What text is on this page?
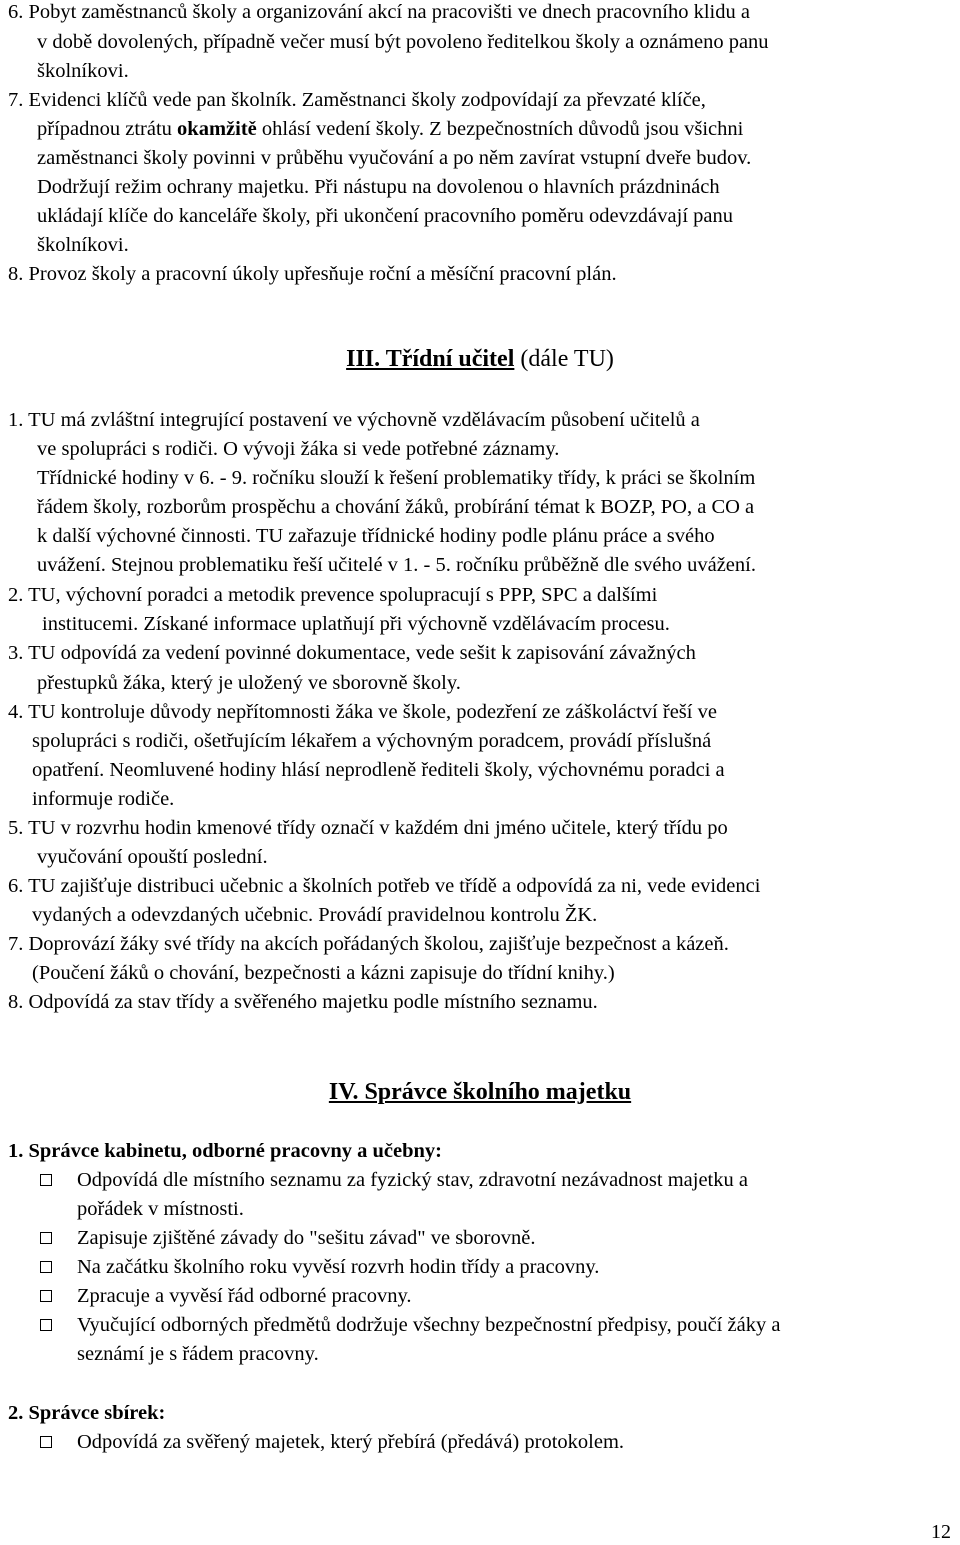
6. Pobyt zaměstnanců školy a organizování akcí na pracovišti ve dnech pracovního klidu a
v době dovolených, případně večer musí být povoleno ředitelkou školy a oznámeno panu
školníkovi.
7. Evidenci klíčů vede pan školník. Zaměstnanci školy zodpovídají za převzaté klíče,
případnou ztrátu okamžitě ohlásí vedení školy. Z bezpečnostních důvodů jsou všichni
zaměstnanci školy povinni v průběhu vyučování a po něm zavírat vstupní dveře budov.
Dodržují režim ochrany majetku. Při nástupu na dovolenou o hlavních prázdninách
ukládají klíče do kanceláře školy, při ukončení pracovního poměru odevzdávají panu
školníkovi.
8. Provoz školy a pracovní úkoly upřesňuje roční a měsíční pracovní plán.
III. Třídní učitel (dále TU)
1. TU má zvláštní integrující postavení ve výchovně vzdělávacím působení učitelů a
ve spolupráci s rodiči. O vývoji žáka si vede potřebné záznamy.
Třídnické hodiny v 6. - 9. ročníku slouží k řešení problematiky třídy, k práci se školním
řádem školy, rozborům prospěchu a chování žáků, probírání témat k BOZP, PO, a CO a
k další výchovné činnosti. TU zařazuje třídnické hodiny podle plánu práce a svého
uvážení. Stejnou problematiku řeší učitelé v 1. - 5. ročníku průběžně dle svého uvážení.
2. TU, výchovní poradci a metodik prevence spolupracují s PPP, SPC a dalšími
institucemi. Získané informace uplatňují při výchovně vzdělávacím procesu.
3. TU odpovídá za vedení povinné dokumentace, vede sešit k zapisování závažných
přestupků žáka, který je uložený ve sborovně školy.
4. TU kontroluje důvody nepřítomnosti žáka ve škole, podezření ze záškoláctví řeší ve
spolupráci s rodiči, ošetřujícím lékařem a výchovným poradcem, provádí příslušná
opatření. Neomluvené hodiny hlásí neprodleně řediteli školy, výchovnému poradci a
informuje rodiče.
5. TU v rozvrhu hodin kmenové třídy označí v každém dni jméno učitele, který třídu po
vyučování opouští poslední.
6. TU zajišťuje distribuci učebnic a školních potřeb ve třídě a odpovídá za ni, vede evidenci
vydaných a odevzdaných učebnic. Provádí pravidelnou kontrolu ŽK.
7. Doprovází žáky své třídy na akcích pořádaných školou, zajišťuje bezpečnost a kázeň.
(Poučení žáků o chování, bezpečnosti a kázni zapisuje do třídní knihy.)
8. Odpovídá za stav třídy a svěřeného majetku podle místního seznamu.
IV. Správce školního majetku
1. Správce kabinetu, odborné pracovny a učebny:
Odpovídá dle místního seznamu za fyzický stav, zdravotní nezávadnost majetku a
pořádek v místnosti.
Zapisuje zjištěné závady do "sešitu závad" ve sborovně.
Na začátku školního roku vyvěsí rozvrh hodin třídy a pracovny.
Zpracuje a vyvěsí řád odborné pracovny.
Vyučující odborných předmětů dodržuje všechny bezpečnostní předpisy, poučí žáky a
seznámí je s řádem pracovny.
2. Správce sbírek:
Odpovídá za svěřený majetek, který přebírá (předává) protokolem.
12
